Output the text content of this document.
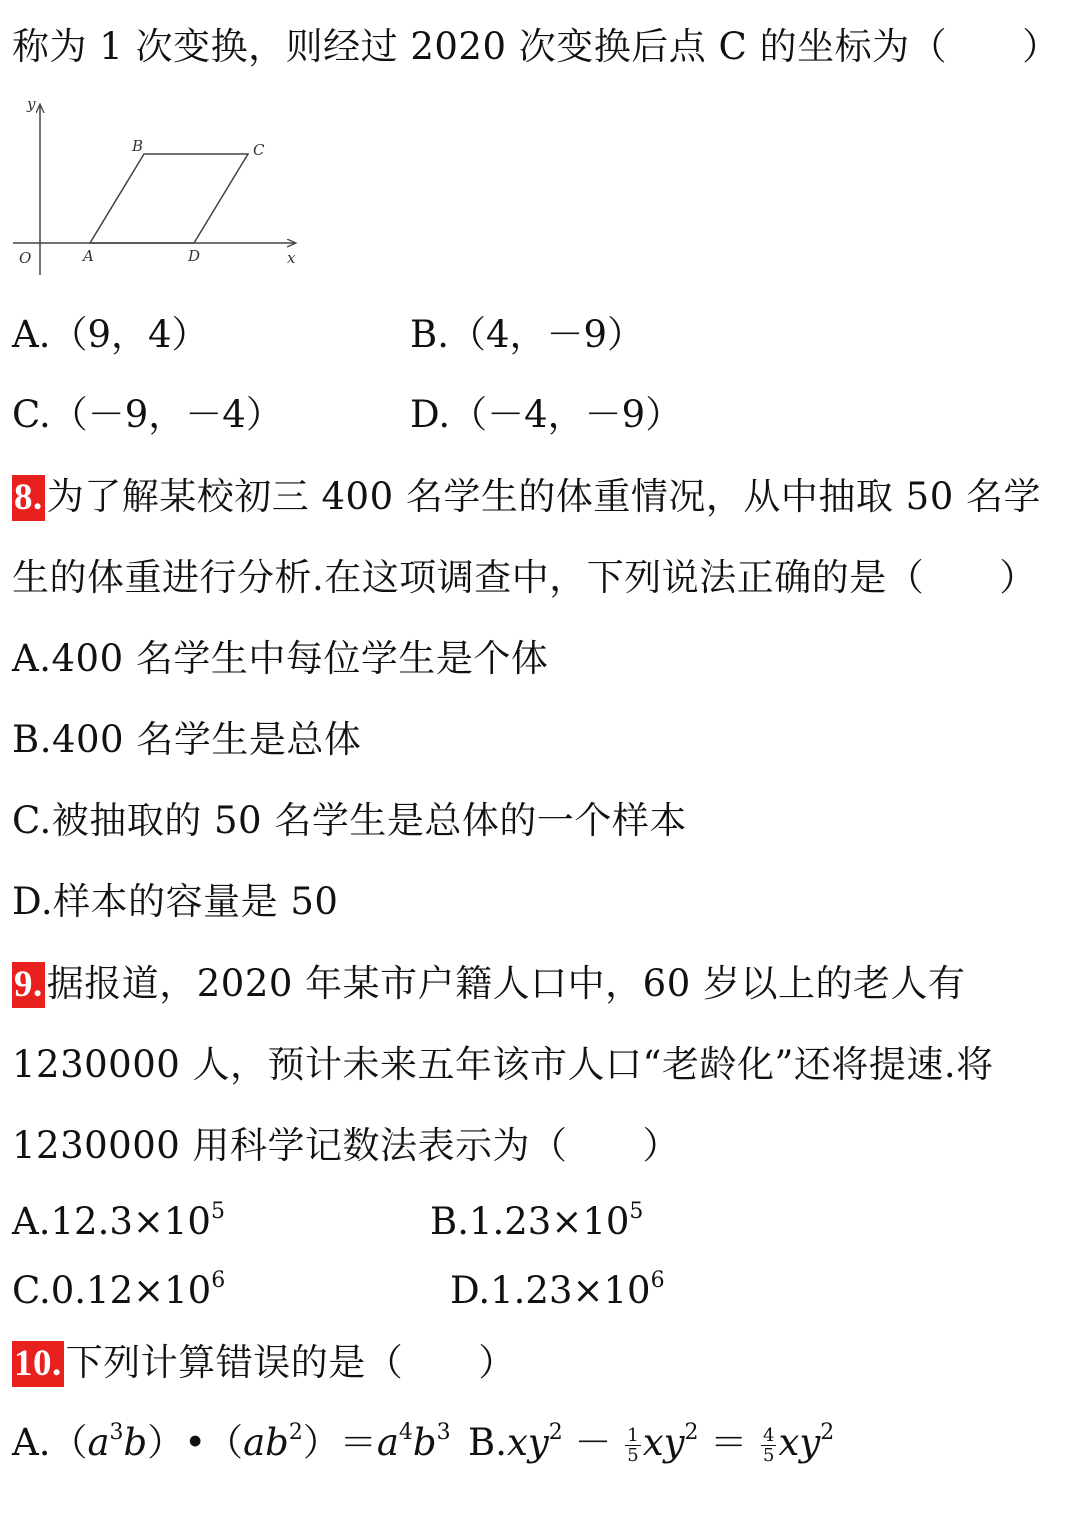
称为 1 次变换，则经过 2020 次变换后点 C 的坐标为（　　）
y
x
O	A
B	C
D
A.（9，4）	B.（4，－9）
C.（－9，－4）	D.（－4，－9）
8. 为了解某校初三 400 名学生的体重情况，从中抽取 50 名学
生的体重进行分析.在这项调查中，下列说法正确的是（　　）
A.400 名学生中每位学生是个体
B.400 名学生是总体
C.被抽取的 50 名学生是总体的一个样本
D.样本的容量是 50
9. 据报道，2020 年某市户籍人口中，60 岁以上的老人有
1230000 人，预计未来五年该市人口“老龄化”还将提速.将
1230000 用科学记数法表示为（　　）
$A.12.3\times 10^5$	$B.1.23\times 10^5$
$C.0.12\times 10^6$	$D.1.23\times 10^6$
10. 下列计算错误的是（　　）
$A.(a^3b)•(ab^2)=a^4b^3$ $B.xy^2 - \frac{1}{5} xy^2 = \frac{4}{5} xy^2$
